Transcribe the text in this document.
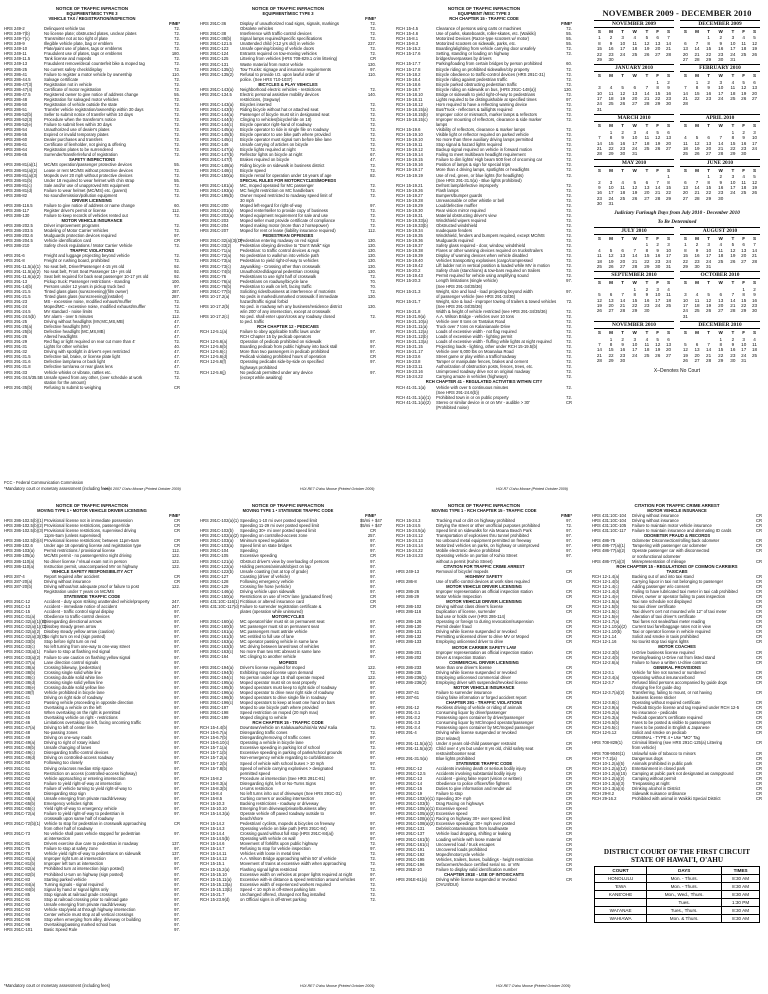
NOTICE OF TRAFFIC INFRACTION
EQUIPMENT/MISC TYPE 3
VEHICLE TAX / REGISTRATION/INSPECTION
FINE*
HRS 249-2	Delinquent vehicle tax	72.
HRS 249-7(b)	No license plate; obstructed plates, unclear plates	72.
HRS 249-7(c)	Transmitter not at too right of plate	72.
HRS 249-9	Illegible vehicle plate, bag or emblem	72.
HRS 249-10	Plate/paint use of plates, tags or emblems	72.
HRS 249-11	Fraudulent use of plates, tags or emblems	180.
HRS 249-11.5	Tank license and mopeds	72.
HRS 249-13	Fraudulent remove/decal counterfeit bike & moped tag	72.
HRS 286-25	No current safety check/display	72.
HRS 286-41	Failure to register a motor vehicle by ownership	110.
HRS 286-44.5	Salvage certificate	72.
HRS 286-47(3)	Registration not in vehicle	72.
HRS 286-47(4)	Certificate of motor registration	72.
HRS 286-47.5	Registered owner to give notice of address change	55.
HRS 286-48	Registration for salvaged motor vehicles	72.
HRS 286-50	Registration of vehicle outside the state	72.
HRS 286-51	Transfer vehicle registration/ownership within 30 days	72.
HRS 286-52(b)	Seller to submit notice of transfer within 10 days	72.
HRS 286-52(3)	Procedure when the transferor's notice	72.
HRS 286-52(e)	Failure to submit fees within 30 days	72.
HRS 286-54	Unauthorized use of dealer's plates	72.
HRS 286-55	Expired or invalid temporary plates	72.
HRS 286-60	Dealer purchases and transfers	72.
HRS 286-61	Certificate of lienholder, not giving & offering	72.
HRS 286-64	Registration plates to be surrendered	72.
HRS 286-65	Surrender/transfer/refund of registration	72.
SAFETY INSPECTIONS
HRS 286-81(a)(1)	MC/MS operation/passenger protective devices	55.
HRS 286-81(a)(2)	Lease or rent MC/MS without protective devices	72.
HRS 286-81(a)(3)	Mopeds over 20 mph without protective devices	72.
HRS 286-81(b)	Under 18 required to wear helmet with chin strap	55.
HRS 286-81(c)	Sale and/or use of unapproved MS equipment	72.
HRS 286-81(d)	Failure to wear helmet (MC/MS) etc. (parent)	72.
HRS 286-82	No sound/emission/pollution equipment	72.
DRIVER LICENSING
HRS 286-116.5	Failure to give notice of address or name change	60.
HRS 286-117	Register driver's permit or license	112.
HRS 286-130	Failure to keep records of vehicles rented out	72.
MOTOR VEHICLE INSURANCE
HRS 286-202.5	Driver improvement programs	72.
HRS 286-203.5	Modeling of Motor Carrier Vehicles	72.
HRS 286-202.6	Mudguards protection devices required	97.
HRS 286-204.5	Vehicle identification card	CR
HRS 286-210	Safety check regulations / Motor Carrier Vehicle	72.
TRAFFIC VIOLATIONS
HRS 291-6	Freight and luggage projecting beyond vehicle	72.
HRS 291-8	Freight or rushing board, prohibited	72.
HRS 291-11.5(a)(1) No seat belt, Driver/Passenger 4-15 yrs old	92.
HRS 291-11.5(a)(2) No seat belt, Front Seat Passenger 15+ yrs old	92.
HRS 291-11.6(a)(2) Seat belt required for back seat passenger 10-17 yrs old	92.
HRS 291-13	Pickup truck: Passenger restrictions - standing	100.
HRS 291-14(b)	Persons under 12 years in pickup truck bed	97.
HRS 291-21.5	Tinted glass glass (sunscreening)(film owner)	287.
HRS 291-21.5	Tinted glass glass (sunscreening)(installer)	287.
HRS 291-23	MS - excessive noise, modified exhaust/muffler	72.
HRS 291-24	Moped/MC - excessive noise, modified exhaust/muffler	72.
HRS 291-24.5	MV standard - noise limits	72.
HRS 291-24.5(b)	MV alarm - over 5 minutes	112.
HRS 291-25	Driving without headlights (MV,MC,MS,MB)	47.
HRS 291-25(a)	Defective headlight (MV)	47.
HRS 291-25(b)	Defective headlight (MC,MS,MB)	47.
HRS 291-26	Altered headlights	47.
HRS 291-29	Red flag or light required on rear cut more than 4'	72.
HRS 291-31	Lights for other vehicles	40.
HRS 291-32	Driving with spotlight in driver's eyes restricted	47.
HRS 291-31.5	Defective tail, brake, or license plate light	47.
HRS 291-31.6	Defective lamp/area or back light	47.
HRS 291-31.8	Defective turn/area or rear glass lens	47.
HRS 291-33	Vehicle whisks or vibrate, rattles etc.	72.
HRS 291-34.5/35.5B Unsafe speed from any other, (over schedule at work	72.
station for the amount)
HRS 291-35(b)	Refusing to submit to weighing	CR
NOTICE OF TRAFFIC INFRACTION
EQUIPMENT/MISC TYPE 3
FINE*
HRS 291C-36	Display of unauthorized road signs, signals, markings	72.
Obsolete vehicles	72.
HRS 291C-38	Interference with traffic-control devices	72.
HRS 291C-38(b)	Signal lamps required/specific specifications	72.
HRS 291C-121.5	Unattended child (<12 yrs old) in vehicle	237.
HRS 291C-123	Unsafe opening/closing of vehicle doors	72.
HRS 291C-124	Entrants required on tow-moving vehicles	72.
HRS 291C-125	Littering from vehicles (HRS 708-829.1 crim littering)	CR
HRS 291C-131	Waste material from motor vehicle	130.
HRS 291C-135(1)	Tow Trucks: signage and insurance requirements	97.
HRS 291C-135(2)	Refusal to provide I.D. upon lawful order of	110.
police. (See HRS 710-1037)
BICYCLES & PLAY VEHICLES
HRS 291C-143(a)	Neighborhood electric vehicles - restrictions	72.
HRS 291C-134.5	Electric personal assistive mobility devices	140.
restrictions, (Segway)
HRS 291C-143(a)	Bicycles inserted	72.
HRS 291C-143(b)	Riding bicycle without hat or attached seat	72.
HRS 291C-144(a)	Passenger of bicycle must sit in designated seat	72.
HRS 291C-144(b)	Clinging to vehicles(bicycle/ride on 18)	72.
HRS 291C-144(c)	Bicycle operator right-hand of roadway	72.
HRS 291C-145(a)	Bicycle operator to ride in single file on roadway	72.
HRS 291C-145(b)	Bicycle operator to use bike path where provided	72.
HRS 291C-145(c)	Bicycle operator must signal turn before bike lane	72.
HRS 291C-146	Unsafe carrying of articles on bicycle	72.
HRS 291C-147(a)	Bicycle lights required at night	72.
HRS 291C-147(b)	Reflector lights on bicycle at night	67.
HRS 291C-147(f)	Brakes required on bicycle	47.
HRS 291C-148(a)	Riding bicycle on sidewalk in business district	72.
HRS 291C-148(c)	Bicycle speed	72.
HRS 291C-150(a)	Bicycle rental for operation under 16 years of age	82.
SPECIAL RULES FOR MOTORCYCLES/MOPEDS
HRS 291C-181(a)	MC, moped operated for MC passenger	72.
HRS 291C-193(a)	MC height restriction on MC handlebars	72.
HRS 291C-195(b)	Owner moped restricted to roadway speed limit of	72.
30 mph
HRS 291C-200	Moped left-regard for right-of-way	97.
HRS 291C-201(a)	Moped renter/seller to provide copy of business	72.
HRS 291C-202(a)	Moped equipment requirement for sale and use	72.
HRS 291C-203	Moped seller must provide certificate of compliance	72.
HRS 291C-204	Moped making motor (more than 2 horsepower)	72.
HRS 291C-207	Moped for rent or lease (liability insurance required)	112.
PEDESTRIAN OFFENSES
HRS 291C-32(a)(3)(D)
Pedestrian entering roadway on red signal	130.
HRS 291C-33(2)	Pedestrian obeying directive to "Don't Walk" sign	130.
HRS 291C-71(a)	Pedestrian: to traffic control devices & regs	130.
HRS 291C-72(a)	No pedestrian to walk/run into vehicle path	130.
HRS 291C-73(a)	Pedestrian to yield right-of-way to vehicles	130.
HRS 291C-73(c)	Jaywalking - Crossing other than crosswalk	130.
HRS 291C-74(b)	Unauthorized/diagonal pedestrian crossing	130.
HRS 291C-76	Pedestrians to use right half of crosswalk	72.
HRS 291C-76(a)	Pedestrians on roadway/bicycle lane	70.
HRS 291C-76(b)	Pedestrian to walk on left, facing traffic	70.
HRS 291C-77(b)	Soliciting rides/business at interference of motorists	72.
HRS 10-17.2(a)	No peds in marked/unmarked crosswalk if immediate	130.
hazard/traffic signal forbid
HRS 10-17.2(b)	No ped. in roadway w/n any business/residence district	130.
w/in 200' of any intersection, except at crosswalk
HRS 10-17.2(c)	No ped. shall enter upon/cross any roadway closed	72.
to ped. traffic
RCH CHAPTER 12 - PEDICABS
RCH 12-5.1(a)	Failure to obey applicable traffic laws under	97.
RCH Chapter 15 by pedicab operators
RCH 12-5.6(a)	Operation of pedicab prohibited on sidewalk	97.
RCH 12-5.6(b)	Boarding pedicab from public highway into back stall	97.
RCH 12-5.6(c)	More than two passengers in pedicab prohibited	97.
RCH 12-5.6(d)	Pedicab violating prohibited hours of operation	CR
RCH 12-5.6(f)	Operating pedicabs side-by-side on specified	97.
highways prohibited
RCH 12-5.6(j)	No pedicab permitted under any device	97.
(except while awaiting)
NOTICE OF TRAFFIC INFRACTION
EQUIPMENT /MISC TYPE 3
RCH CHAPTER 15 - TRAFFIC CODE
FINE*
RCH 15-4.5	Clearance of persons using carts or machines	72.
RCH 15-4.6	Use of parks, skateboards, roller-skates, etc. (Waikiki)	55.
RCH 15-8.1	Motorized Devices (Razor-type scooters w/ motor)	55.
RCH 15-8.3	Motorized scooters on sidewalk, parks, etc.	55.
RCH 15-15.2	Boarding/alighting from vehicle carrying door unsafely	72.
RCH 15-17.6	Setting, standing or loading on highway	72.
bridges/overpasses by drivers
RCH 15-17.7	Parking/loading from certain bridges by person prohibited	60.
RCH 15-17.8	Bicycle riding on prohibited sidewalks/city property	72.
RCH 15-18.2	Bicycle obedience to traffic-control devices (HRS 291C-31)	72.
RCH 15-18.4	Bicycle riding against pedestrian traffic	72.
RCH 15-18.6	Bicycle parked obstructing pedestrian traffic	72.
RCH 15-18.7	Bicycle riding on sidewalk on bus, (HRS 291C-148(a))	130.
RCH 15-18.10	Bridge or sidewalk to yield right-of-way to pedestrians	72.
RCH 15-18.11	Lights required to be distinguishable at specified times	97.
RCH 15-18.12	Horn required to have a reflecting warning device	72.
RCH 15-18.15(a)	Bus/Truck - reflectors & taillights required	72.
RCH 15-18.15(b)	Improper color or mismatch, marker lamps & reflectors	72.
RCH 15-18.15(c)	Improper mounting of reflectors, clearance & side marker	72.
lamps
RCH 15-19.6	Visibility of reflectors, clearance & marker lamps	72.
RCH 15-19.10	Visible light or reflector required on parked vehicle	72.
RCH 15-19.10	No more than three auxiliary driving lamps permitted	72.
RCH 15-19.11	Stop signal & hazard lights required	72.
RCH 15-19.12	Backup signal required on vehicle in forward motion	72.
RCH 15-19.14	Failing to meet multibeam headlight requirement	72.
RCH 15-19.15	Failure to dim lights/ High beam 500 feet of oncoming car	72.
RCH 15-19.16	Position of lamps & sign for special trips	72.
RCH 15-19.17	More than 4 driving lamps, spotlights or headlights	72.
RCH 15-19.19	Use of red, green, or blue lights (for headlights)	72.
(See HRS 291-31.5(a) - Blue lights prohibited)
RCH 15-19.21	Defrost lamp/defective improperly	72.
RCH 15-19.26	Flash lamps	72.
RCH 15-19.27	Bumpers/bumper guards	72.
RCH 15-19.28	Unreasonable or other whistle or bell	72.
RCH 15-19.29	Loud/defective muffler	72.
RCH 15-19.30	Rear vision mirror required	72.
RCH 15-19.31	Material obstructing driver's view	72.
RCH 15-19.33(a)	Windshield wipers required	72.
RCH 15-19.33(b)	Obstructed windshield	72.
RCH 15-19.34	Inadequate fenders	72.
RCH 15-19.35	Windshield, fenders and bumpers required, except MC/MS	72.
RCH 15-19.36	Mudguards required	72.
RCH 15-19.37	Safety glass required - door, window, windshield	72.
RCH 15-19.38	Flares or other warning devices required on trucks/trailers	72.
RCH 15-19.39	Display of warning devices when vehicle disabled	72.
RCH 15-19.40	Vehicles transporting explosives (cargo/compressed	72.
RCH 15-19.42	Lift ladder not in vertical position & loaded while MV in motion	72.
RCH 15-20.2	Safety chain (stanchions) & tow-bars required on trailers	72.
RCH 15-19.43	Permit required for vehicle using amplifying sound	72.
RCH 15-20.3	Length limitations (single vehicle)	97.
(See HRS 291-34/35/36)
RCH 15-21.3	Weight, size and load - load projecting beyond width	97.
of passenger vehicle (see HRS 291-34/36)
RCH 15-21.7	Weight, size & load - improper towing of trailers & towed vehicles	72.
(See HRS 291-34/35/36)
RCH 15-21.8	Width & height of vehicle restricted (see HRS 291-34/35/36)	72.
RCH 15-21.9(a)	A.A. Wilson Bridge - vehicles over 10 tons	72.
RCH 15-21.10(a)	Vehicle over 8 tons on Tantalus Road	72.
RCH 15-21.11(a)	Truck over 7 tons on Kalanianaole Drive	72.
RCH 15-21.12(a)	Loads of excessive width - not flag required	72.
RCH 15-21.12(b)	Loads of excessive width - lighting permit	72.
RCH 15-21.13(a)	Loads of excessive width - fluffing while lights at night required	72.
RCH 15-21.15	Projecting loads - lighting, other under RCH 15-19.5(b)	72.
RCH 15-21.17	Vehicle over 6,000 lbs on Moanalua Road	72.
RCH 15-23.6	Street game or play within a traffic/roadway	72.
RCH 15-23.8	Tamper or manipulate fences, brakes and cement	72.
RCH 15-23.11	Authorization of obstruction posts, fences, trees, etc.	72.
RCH 15-23.16	Unimproved roadway drive not on original roadway	72.
RCH 15-24.22	Carrying amaze in vehicles (highways)	72.
RCH CHAPTER 41 - REGULATED ACTIVITIES WITHIN CITY
RCH 41-31.1(a)	Vehicle with over 5 continuous minutes	72.
(See HRS 291-24.6(b))
RCH 41-31.1(a)(1)	Prohibited town in or on public property	72.
RCH 41-31.1(a)(2)	Stereo or similar device in or on MV - audible > 30'	CR
(Prohibited noise)
NOVEMBER 2009 - DECEMBER 2010
NOVEMBER 2009
S	M	T	W	T	F	S
1	2	3	4	5	6	7
8	9	10	11	12	13	14
15	16	17	18	19	20	21
22	23	24	25	26	27	28
29	30					
DECEMBER 2009
S	M	T	W	T	F	S
		1	2	3	4	5
6	7	8	9	10	11	12
13	14	15	16	17	18	19
20	21	22	23	24	25	26
27	28	29	30	31		
JANUARY 2010
S	M	T	W	T	F	S
					1	2
3	4	5	6	7	8	9
10	11	12	13	14	15	16
17	18	19	20	21	22	23
24	25	26	27	28	29	30
31						
FEBRUARY 2010
S	M	T	W	T	F	S
	1	2	3	4	5	6
7	8	9	10	11	12	13
14	15	16	17	18	19	20
21	22	23	24	25	26	27
28						
MARCH 2010
S	M	T	W	T	F	S
	1	2	3	4	5	6
7	8	9	10	11	12	13
14	15	16	17	18	19	20
21	22	23	24	25	26	27
28	29	30	31			
APRIL 2010
S	M	T	W	T	F	S
				1	2	3
4	5	6	7	8	9	10
11	12	13	14	15	16	17
18	19	20	21	22	23	24
25	26	27	28	29	30	
MAY 2010
S	M	T	W	T	F	S
						1
2	3	4	5	6	7	8
9	10	11	12	13	14	15
16	17	18	19	20	21	22
23	24	25	26	27	28	29
30	31					
JUNE 2010
S	M	T	W	T	F	S
		1	2	3	4	5
6	7	8	9	10	11	12
13	14	15	16	17	18	19
20	21	22	23	24	25	26
27	28	29	30			
Judiciary Furlough Days from July 2010 - December 2010
To Be Determined
JULY 2010
S	M	T	W	T	F	S
				1	2	3
4	5	6	7	8	9	10
11	12	13	14	15	16	17
18	19	20	21	22	23	24
25	26	27	28	29	30	31
AUGUST 2010
S	M	T	W	T	F	S
1	2	3	4	5	6	7
8	9	10	11	12	13	14
15	16	17	18	19	20	21
22	23	24	25	26	27	28
29	30	31				
SEPTEMBER 2010
S	M	T	W	T	F	S
			1	2	3	4
5	6	7	8	9	10	11
12	13	14	15	16	17	18
19	20	21	22	23	24	25
26	27	28	29	30		
OCTOBER 2010
S	M	T	W	T	F	S
					1	2
3	4	5	6	7	8	9
10	11	12	13	14	15	16
17	18	19	20	21	22	23
24	25	26	27	28	29	30
31						
NOVEMBER 2010
S	M	T	W	T	F	S
	1	2	3	4	5	6
7	8	9	10	11	12	13
14	15	16	17	18	19	20
21	22	23	24	25	26	27
28	29	30				
DECEMBER 2010
S	M	T	W	T	F	S
			1	2	3	4
5	6	7	8	9	10	11
12	13	14	15	16	17	18
19	20	21	22	23	24	25
26	27	28	29	30	31	
X–Denotes No Court
FCC - Federal Communication Commission
*Mandatory court or monetary assessment (including fees)
rev 6 2007 O'ahu Moose (Printed October 2009)	HOI-RE7 O'ahu Moose (Printed October 2009)	HOI-R7 O'ahu Moose (Printed October 2009)
NOTICE OF TRAFFIC INFRACTION
MOVING TYPE 1 • MOTOR VEHICLE DRIVER LICENSING
FINE*
HRS 286-102.5(b)(1) Provisional license not in immediate possession	CR
HRS 286-102.5(b)(2) Provisional license restrictions, passenger/ride	CR
HRS 286-102.5(b)(3) Provisional license restrictions, supervised driving	CR
11pm-5am (unless supervised)
HRS 286-102.5(b)(4) Provisional license restrictions; between 11pm-5am	CR
HRS 286-102.6	Under age 18 operating license and registration type	CR
HRS 286-103(a)	Permit restrictions / provisional license	112.
HRS 286-105(a)	MC/MS permit - no passengers/no night driving	122.
HRS 286-110(a)	No driver license / Visual exam not in person	122.
HRS 286-110(a)	Instruction permit, unaccompanied MV on highway	122.
VEHICLE SAFETY RESPONSIBILITY ACT
HRS 287-4	Report required after accident	CR
HRS 287-20(a)	Driving without insurance	CR
HRS 287-20(b)	Driving without/not adequate proof or failure to post	122.
Registration under 7 years on MC/MS
STATEWIDE TRAFFIC CODE
HRS 291C-12	Accident - duty upon striking unattended vehicle/property	247.
HRS 291C-13	Accident - immediate notice of accident	247.
HRS 291C-15	Accident - traffic control signal display	97.
HRS 291C-31(a)	Obedience to traffic-control devices	97.
HRS 291C-32(a)(1)(B)
Disregarding directional arrows	97.
HRS 291C-32(a)(1)(C)
Disobey steady green arrow	97.
HRS 291C-32(a)(2) Disobey steady yellow arrow (caution)	97.
HRS 291C-32(a)(3)(C)
No right turn on red (sign posted)	97.
HRS 291C-33(b)	Stop before right turn on red	97.
HRS 291C-33(c)	No left turning from one-way to one-way street	97.
HRS 291C-33(a)(1) Failure to stop at flashing red signal	97.
HRS 291C-33(a)(2) Failure to use caution on flashing yellow signal	97.
HRS 291C-37(a)	Lane direction control signals	97.
HRS 291C-38(a)	Crossing bikeway, (pedestrian)	97.
HRS 291C-38(b)	Crossing single solid white line	97.
HRS 291C-38(c)	Crossing double solid white line	97.
HRS 291C-38(d)	Crossing single solid yellow line	97.
HRS 291C-38(e)	Crossing double solid yellow line	97.
HRS 291C-38(f)	Vehicle prohibited in bicycle lane	97.
HRS 291C-41	Driving on right side of roadway	97.
HRS 291C-42	Passing vehicle proceeding in opposite direction	97.
HRS 291C-43	Overtaking a vehicle on the left	97.
HRS 291C-44	When overtaking on the right is permitted	97.
HRS 291C-45	Overtaking vehicle on right - restrictions	97.
HRS 291C-46	Limitations overtaking on left, facing oncoming traffic	97.
HRS 291C-47(a)	Driving to left of center line	97.
HRS 291C-48	No-passing zones	97.
HRS 291C-49	Driving on one-way roads	97.
HRS 291C-49(a)	Driving to right of rotary island	97.
HRS 291C-49(b)	Unsafe changing of lanes	97.
HRS 291C-49(c)	Disregarding traffic-control devices	97.
HRS 291C-49(d)	Driving on controlled-access roadway	97.
HRS 291C-50	Following too closely	97.
HRS 291C-51	Driving on/across median strip space	97.
HRS 291C-61	Restriction on access (controlled-access highway)	97.
HRS 291C-62	Vehicle approaching or entering intersection	97.
HRS 291C-63	Failure to yield right-of-way at intersection	97.
HRS 291C-64	Failure of vehicle turning to yield right-of-way to	97.
HRS 291C-65	Disregarding stop sign	97.
HRS 291C-65(a)	Unsafe emerging from private road/driveway	97.
HRS 291C-65(b)	Emergency vehicles rights	97.
HRS 291C-65(c)	Yield right-of-way to emergency vehicle	97.
HRS 291C-72(a)	Failure to yield right-of-way to pedestrian in	97.
crosswalk upon same half of roadway
HRS 291C-72(b)(1) Vehicle to stop for pedestrian in crosswalk approaching	CR
from other half of roadway
HRS 291C-73	No vehicle shall pass vehicle stopped for pedestrian	97.
at intersection
HRS 291C-81	Drivers exercise due care to pedestrian in roadway	137.
HRS 291C-75	Failure to stop at safety zone	97.
HRS 291C-76	Vehicle yield right-of-way to pedestrians on sidewalk	137.
HRS 291C-81(a)	Improper right turn at intersection	97.
HRS 291C-81(b)	Improper left turn at intersection	97.
HRS 291C-82(a)	Prohibited turn at intersection (sign posted)	97.
HRS 291C-82(b)	Prohibited U-turn on highway (sign posted)	97.
HRS 291C-83	Starting parked vehicle	97.
HRS 291C-84(a)	Turning signals - signal required	97.
HRS 291C-84(b)	Signal by hand or signal lights only	97.
HRS 291C-85	Stop signals at railroad grade crossings	97.
HRS 291C-91	Stop at railroad crossing prior to railroad gate	97.
HRS 291C-92	Unsafe emerging from private road/driveway	97.
HRS 291C-93	Vehicle stop/yield at through highway intersection	97.
HRS 291C-94	Center vehicle must stop at all vertical crossings	97.
HRS 291C-95	Stop when emerging from alley, driveway or building	97.
HRS 291C-96	Overtaking/passing marked school bus	97.
HRS 291C-101	Basic Speed Rule	97.
NOTICE OF TRAFFIC INFRACTION
MOVING TYPE 1 • STATEWIDE TRAFFIC CODE
FINE*
HRS 291C-102(a)(1) Speeding 1-10 mi over posted speed limit	$5/mi + $47
Speeding 11-29 mi over posted speed limit	$5/mi + $47
HRS 291C-102(b)	Speeding 30+ mi over posted speed limit	CR
HRS 291C-102(a)(2) Speeding on controlled-access zone	257.
HRS 291C-103(a)	Minimum speed regulation	97.
HRS 291C-103(a)	Speed limit on state bridges	97.
HRS 291C-104	Speeding	97.
HRS 291C-105	Excessive speeding	CR
HRS 291C-121(a)	Obstruct driver's view by overloading of persons	97.
HRS 291C-122(a)	Holding persons/animals/object on lap	97.
HRS 291C-122(b)	Unsafe coasting (not at top of grade)	97.
HRS 291C-127	Coasting (driver of vehicle)	97.
HRS 291C-128	Following emergency vehicle	97.
HRS 291C-129	Crossing fire hose (vehicle)	97.
HRS 291C-146(a)	Driving vehicle upon sidewalk	97.
HRS 291C-150(a)	Restrictions on use of HOV lane (graduated fines)	CR
HRS 431:10C-116(1) Fictitious or altered insurance card	CR
HRS 431:10C-117(d) Failure to surrender registration certificate &	CR
plates (operation while uninsured)
MOTORCYCLES
HRS 291C-160(a)	MC operator/rider must sit on permanent seat	97.
HRS 291C-160(b)	MC passenger must sit on permanent seat	97.
HRS 291C-161(a)	MC passengers must astride vehicle	97.
HRS 291C-161(b)	MC entitled to full use of lane	97.
HRS 291C-163(a)	MC operator passing vehicle in same lane	97.
HRS 291C-163(b)	MC driving between lanes/rows of vehicles	97.
HRS 291C-163(c)	No more than two MC abreast in same lane	97.
HRS 291C-164	MC clinging to another vehicle	97.
MOPEDS
HRS 291C-194(a)	Driver's license required for moped	122.
HRS 291C-194(b)	Exhibiting moped license upon demand	72.
HRS 291C-194(c)	No person under age 15 shall operate moped	122.
HRS 291C-195(a)	Moped operator must sit on seat properly	97.
HRS 291C-195(b)	Moped operators must keep to right side of roadway	97.
HRS 291C-196(a)	Moped operator to drive near right side of roadway	97.
HRS 291C-196(b)	Moped operators to drive single file in roadway	97.
HRS 291C-196(c)	Moped operators to keep at least one hand on bars	97.
HRS 291C-197	Moped to use bicycle path where provided	97.
HRS 291C-198	Speed restriction on moped (20 mph max)	97.
HRS 291C-199	Moped clinging to vehicle	97.
RCH CHAPTER 15 - TRAFFIC CODE
RCH 15-4.4(b)	Downtown/vehicle on Kalakaua/Kuhio/Ala Wai/ Kalia	72.
RCH 15-6.7(a)	Disregarding traffic cones	72.
RCH 15-6.7(b)	Disregarding/removing of traffic cones	97.
RCH 15-6.10(c)	Operating a vehicle in bicycle lane	97.
RCH 15-7.1(a)	Excessive speeding in parking lot of school	72.
RCH 15-7.1(b)	Excessive speeding in parking of parks/school grounds	97.
RCH 15-7.2(a)	Non-emergency vehicle regarding to curb/distance	97.
RCH 15-7.2(b)	Speed of vehicle with school buses > 10 mph	97.
RCH 15-7.8(b)	Speed of vehicle carrying explosives > designated	72.
permitted speed
RCH 15-8.2	Procedure at intersection (See HRS 291C-81)	97.
RCH 15-8.3(a)	Disregarding right, left or No-Turns Signs	97.
RCH 15-8.3(b)	U-turns restriction	97.
RCH 15-8.4	No left turns in/to out of driveways (See HRS 291C-31)	97.
RCH 15-8.5	Curbing corners or avoiding intersection	97.
RCH 15-10.3	Backing restrictions - roadway or driveway	97.
RCH 15-10.10	Emerging from driveway/private/business alley	97.
RCH 15-14.3(a)	Operate vehicle off paved roadway outside to	97.
beach/shore
RCH 15-14.2	Pedestrian/ cyclists, mopeds & bicycles on freeway	97.
RCH 15-14.3	Operating vehicle on bike path (HRS 291C-84)	97.
RCH 15-14.4	Crossing guard without full stop (HRS 291C-84(a))	97.
RCH 15-14.5(b)	Operating with vehicle on wall	97.
RCH 15-14.6	Movement of forklifts upon public highway	72.
RCH 15-14.7	Refusing to stop for vehicle inspection	97.
RCH 15-14.11	Vehicles with loose in metal tires	72.
RCH 15-14.12	A.A. Wilson Bridge approaching within 50' of vehicle	72.
RCH 15-15.1	Movement of trains at excessive width when approaching	72.
RCH 15-15.2(a)	Flashing signal lights restricted	72.
RCH 15-15.10	Excessive width on vehicles at proper lights required at night	97.
RCH 15-15.11(a)	Excessive with-in distance & speed restriction around vehicles	97.
RCH 15-15.13(a)	Excessive width of experienced workers required	72.
RCH 15-15.13(b)	Speed < 10 mph in off-street parking lots	72.
RCH 15-21.7	Unchanged offered, changed not flag installed	72.
RCH 15-23.9(d)	on Official signs in off-street parking	72.
NOTICE OF TRAFFIC INFRACTION
MOVING TYPE 1 - RCH CHAPTER 15 - TRAFFIC CODE
FINE*
RCH 15-24.3	Tracking mud or dirt on highway prohibited	97.
RCH 15-24.5	Dirtying the street or other unofficial purposes prohibited	72.
RCH 15-24.5(a)	Speed limit on sidewalks for Ala Moana Beach Park	97.
RCH 15-24.12	Transportation of explosives thru tunnel prohibited	97.
RCH 15-24.13	No unbound metal equipment permitted on freeway	97.
RCH 15-24.14	Motorized vehicles on parks, on highway or unimproved	97.
RCH 15-24.22	Mobile electronic device prohibited	97.
RCH 15-24.23	Operating vehicle on portion of Kuhio Street	97.
without a permit (Kuhio Street)
CITATION FOR TRAFFIC CRIME ARREST
HRS 249-13	Removal of bicycle/ mopeds	CR
HIGHWAY SAFETY
HRS 286-8	Use of traffic-control devices at work sites required	CR
MOTOR VEHICLE DRIVER LICENSING
HRS 286-26	Improper representation as official inspection station	CR
HRS 286-29	Motor Vehicle Inspection	CR
MOTOR VEHICLE DRIVER LICENSING
HRS 286-102	Driving without class driver's license	CR
HRS 286-116	Duplication of license, surrender	CR
bad use or holds over (HRS 286-114)
HRS 286-126	Operating or foreign to during revocation/suspension	CR
HRS 286-130	Permit dealer fraud	CR
HRS 286-131	Driving while license suspended or revoked	CR
HRS 286-132	Permitting unlicensed driver to drive MV or Moped	CR
HRS 286-133	Employing unlicensed driver to drive	CR
MOTOR CARRIER SAFETY LAW
HRS 286-201	Improper representation as official inspection station	CR
HRS 286-202	Driver & Inspection Station	CR
COMMERCIAL DRIVER LICENSING
HRS 286-233	More than one driver's license	CR
HRS 286-235	Driving while license suspended or revoked	CR
HRS 286-236(1)	Employing unlicensed commercial driver	CR
HRS 286-236(2)	Employing driver with suspended/revoked license	CR
MOTOR VEHICLE INSURANCE
HRS 287-41	Failure to surrender insurance	CR
HRS 287-61	Giving false information or forged accident report	CR
CHAPTER 291 - TRAFFIC VIOLATIONS
HRS 291-12	Reckless driving of vehicle or riding of animals	CR
HRS 291-3.1	Consuming liquor by driver/passenger	CR
HRS 291-3.2	Possessing open container by driver/passenger	CR
HRS 291-3.3	Consuming liquor by MC/moped operator/passenger	CR
HRS 291-3.4	Possessing open container by MC/moped passenger	CR
HRS 291-4	Driving while license suspended or revoked	CR
(DUI related)
HRS 291-11.5(a)(1) Under 4 years old-child passenger restraint	CR
HRS 291-11.5(a)(2) Child over 4 yrs but under 8 yrs old, child safety seat	CR
restraint/booster seat
HRS 291-31.5(a)	Blue lights prohibited	CR
STATEWIDE TRAFFIC CODE
HRS 291C-12	Accidents involving death or serious bodily injury	CR
HRS 291C-12.5	Accidents involving substantial bodily injury	CR
HRS 291C-13	Accident - giving false report (vision or written)	CR
HRS 291C-14	Obedience to police officers/fire fighters	CR
HRS 291C-15	Duties to give information and render aid	CR
HRS 291C-19	Failure to stop	CR
HRS 291C-102(e)(1) Speeding 30+ mph	CR
HRS 291C-103(b)	Drag Racing on highways	CR
HRS 291C-105(a)(1) Excessive speed	CR
HRS 291C-105(a)(2) Excessive speed	CR
HRS 291C-108(a)(1) Racing on highway 30+ over speed limit	CR
HRS 291C-108(a)(2) Excessive speeding: 30+ mph over posted	CR
HRS 291C-131	Debris/contaminations from load/waste	CR
HRS 291C-137	Vehicle load dropping, shifting or leaking	CR
HRS 291C-161(b)	Loading vehicle with loose material	CR
HRS 291C-161(c)	Uncovered load / truck escapes	CR
HRS 291C-191	Uncovered loads prohibited	CR
HRS 291C-192	Moped/motorcycle vehicle	CR
HRS 291C-195	Vehicles, trailers, buses, buildings - height restriction	CR
HRS 291C-196	Defacement/reduce certified serial no. or VIN	CR
HRS 291E-10	Failure to display valid identification number	CR
CHAPTER 291E - USE OF INTOXICANTS
HRS 291E-61(a)	Driving while license suspended or revoked	CR
(OVUII/DUI)
CITATION FOR TRAFFIC CRIME ARREST
MOTOR VEHICLE INSURANCE
HRS 431:10C-104	Driving without insurance	CR
HRS 431:10C-104	Driving without insurance	CR
HRS 431:10C-105	Failure to maintain motor vehicle insurance	CR
HRS 431:10C-117	Failure to maintain insurance and alternating ID cards	CR
ODOMETER FRAUD & RECORDS
HRS 486-75	Odometer Disconnection/rolling back odometer	CR
HRS 486-77(a)(1)	Tampering with passenger car odometer	CR
HRS 486-77(a)(2)	Operate passenger car with disconnected	CR
or nonfunctional odometer
HRS 486-77(a)(3)	Misrepresentation of mileage	CR
ROH CHAPTER 15 - REGULATIONS OF COMMON CARRIERS
TAXICABS
RCH 12-1.4(a)	Backing out of and into taxi stand	CR
RCH 12-1.4(b)	Carrying liquor in taxi not belonging to passenger	CR
RCH 12-1.4(c)	Adding passenger w/o consent	CR
RCH 12-1.4(d)	Failing to have lubricated taxi meter in taxi cab prohibited	CR
RCH 12-1.4(e)	Driver, owner or operator failing to pass inspection	CR
RCH 12-1.5(a)	Taxi rate schedule not displayed	CR
RCH 12-1.5(b)	No taxi driver certificate	CR
RCH 12-1.5(c)	Taxi driver's cert not mounted w/in 12" of taxi meter	CR
RCH 12-1.5(e)	Alteration of taxi driver's certificate	CR
RCH 12-1.7(a)	Taxi fares not sealed/taxi meter reading	CR
RCH 12-1.10(a)(2)	Current taxi fare/baggage rates not in view	CR
RCH 12-1.10(b)	Taxi or operator license in vehicle required	CR
RCH 12-1.14	Solicit and smoke in taxis prohibited	CR
RCH 12-1.16	No tourist stop taxi signs lights	CR
MOTOR COACHES
RCH 12-2.3(b)	U-Drive business license required	CR
RCH 12-2.4(b)	Renting/leasing U-Drive not from listed stand	CR
RCH 12-2.6(a)	Failure to have a written U-drive contract	CR
GENERAL PROVISIONS
RCH 12-3.1	Vehicle for hire not named or numbered	CR
RCH 12-3.4(a)	Operating without insurance/bond	CR
RCH 12-3.7	Refused blind persons accompanied by guide dogs	CR
charging fee for guide dog
RCH 12-3.7(a)(2)	Transferring, failing to mount, or not having	CR
business license sticker
RCH 12-3.8(c)	Operating without required certificate	CR
RCH 12-3.9(a)	Pedicab Bicycle license and tag required under RCH 12-5	CR
RCH 12-5.2(a)	No insurance - pedicabs	CR
RCH 12-5.3(a)	Pedicab operator's certificate required	CR
RCH 12-5.5(b)	Fares to be posted & visible to passengers	CR
RCH 12-5.5(c)	Fares to be posted in English & Japanese	CR
RCH 12-5.12	Solicit and smoke on pedicab	CR
CRIMINAL - TYPE 4 • Use "MO" Tag
HRS 708-829(1)	Criminal littering (see HRS 291C-125(a) Littering	CR
from vehicle)
HRS 708-9046(1)	Unlawful sale of tobacco to minors	CR
RCH 7-7.2(a)	Dangerous dogs	CR
RCH 10-1.2(a)(5)	Animals prohibited in public park	CR
RCH 10-1.2(a)(12)	Entertainment in closed park	CR
RCH 10-1.2(a)(15)	Camping at public park not designated as campground	CR
RCH 10-1.2(a)(2)	Camping without permit	CR
RCH 10-1.3(a)(3)	Trespassing at night	CR
RCH 10-1.3(a)(4)	Drinking alcohol in District	CR
RCH 29-8.2	Sidewalk nuisance ordinance	CR
RCH 29-16.2	Prohibited with animal in Waikiki Special District	CR
*Mandatory court or monetary assessment (including fees)	HOI-RE7 O'ahu Moose (Printed October 2009)	HOI-RE7 O'ahu Moose (Printed October 2009)
DISTRICT COURT OF THE FIRST CIRCUIT
STATE OF HAWAI'I, O'AHU
COURT	DAYS	TIMES
HONOLULU	Mon. - Thurs.	8:30 AM
'EWA	Mon. - Thurs.	8:30 AM
KANE'OHE	Mon., Wed., Thurs.	8:30 AM
	Tues.	1:30 PM
WAI'ANAE	Tues., Thurs.	8:30 AM
WAHIAWA	Mon. & Thurs.	8:30 AM
